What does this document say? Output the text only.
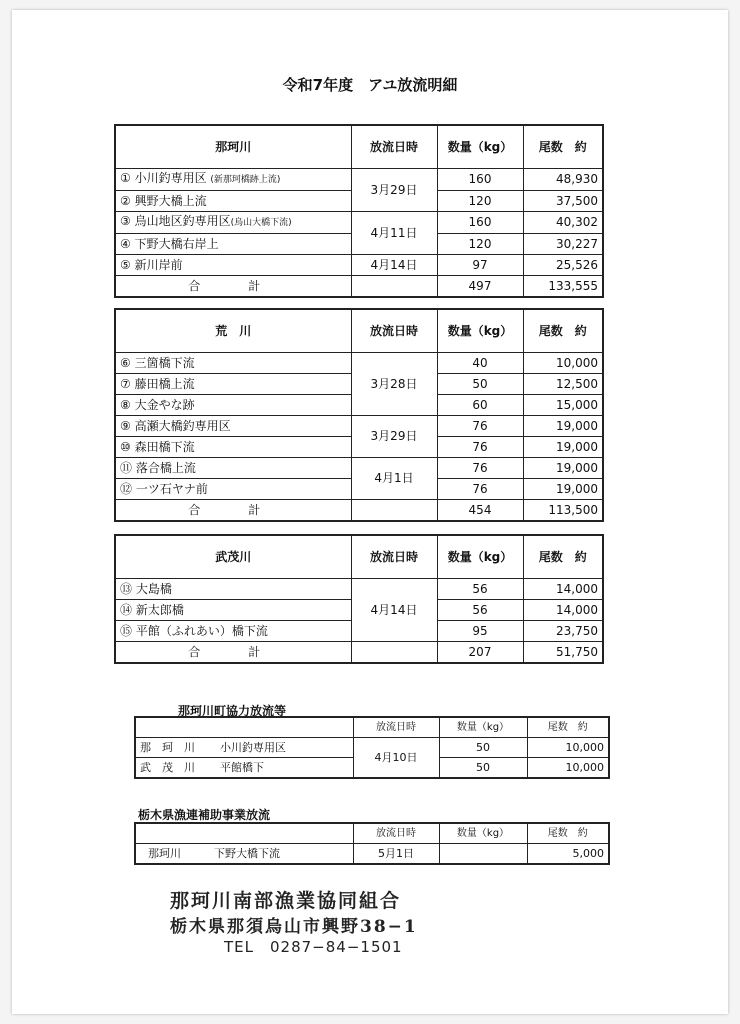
令和7年度　アユ放流明細
那珂川	放流日時	数量（kg）	尾数　約
① 小川釣専用区 (新那珂橋跡上流)	3月29日	160	48,930
② 興野大橋上流		120	37,500
③ 烏山地区釣専用区(烏山大橋下流)	4月11日	160	40,302
④ 下野大橋右岸上		120	30,227
⑤ 新川岸前	4月14日	97	25,526
合　計		497	133,555
荒　川	放流日時	数量（kg）	尾数　約
⑥ 三箇橋下流	3月28日	40	10,000
⑦ 藤田橋上流		50	12,500
⑧ 大金やな跡		60	15,000
⑨ 高瀬大橋釣専用区	3月29日	76	19,000
⑩ 森田橋下流		76	19,000
⑪ 落合橋上流	4月1日	76	19,000
⑫ 一ツ石ヤナ前		76	19,000
合　計		454	113,500
武茂川	放流日時	数量（kg）	尾数　約
⑬ 大島橋	4月14日	56	14,000
⑭ 新太郎橋		56	14,000
⑮ 平館（ふれあい）橋下流		95	23,750
合　計		207	51,750
那珂川町協力放流等
	放流日時	数量（kg）	尾数　約
那　珂　川 小川釣専用区	4月10日	50	10,000
武　茂　川 平館橋下		50	10,000
栃木県漁連補助事業放流
	放流日時	数量（kg）	尾数　約
那珂川 下野大橋下流	5月1日		5,000
那珂川南部漁業協同組合
栃木県那須烏山市興野38−1
TEL　0287−84−1501
